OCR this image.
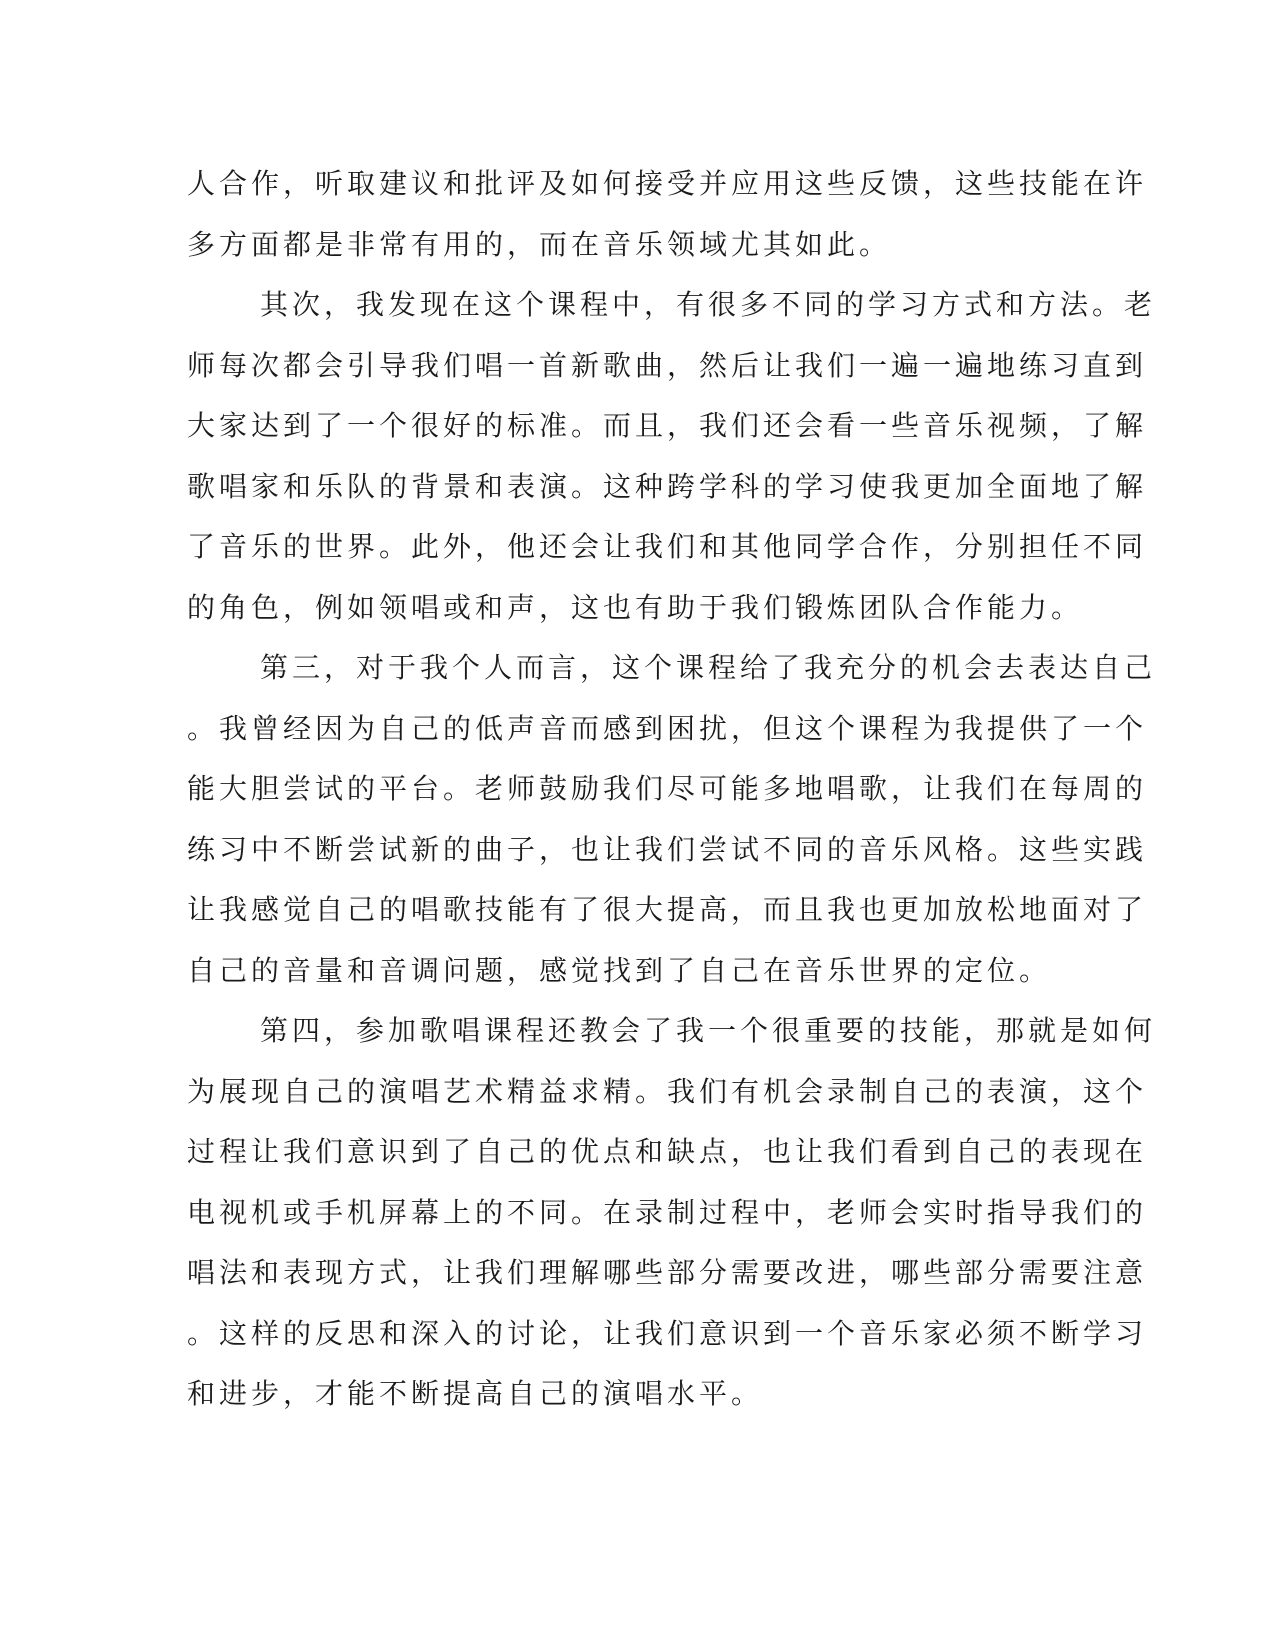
人合作，听取建议和批评及如何接受并应用这些反馈，这些技能在许
多方面都是非常有用的，而在音乐领域尤其如此。
其次，我发现在这个课程中，有很多不同的学习方式和方法。老
师每次都会引导我们唱一首新歌曲，然后让我们一遍一遍地练习直到
大家达到了一个很好的标准。而且，我们还会看一些音乐视频，了解
歌唱家和乐队的背景和表演。这种跨学科的学习使我更加全面地了解
了音乐的世界。此外，他还会让我们和其他同学合作，分别担任不同
的角色，例如领唱或和声，这也有助于我们锻炼团队合作能力。
第三，对于我个人而言，这个课程给了我充分的机会去表达自己
。我曾经因为自己的低声音而感到困扰，但这个课程为我提供了一个
能大胆尝试的平台。老师鼓励我们尽可能多地唱歌，让我们在每周的
练习中不断尝试新的曲子，也让我们尝试不同的音乐风格。这些实践
让我感觉自己的唱歌技能有了很大提高，而且我也更加放松地面对了
自己的音量和音调问题，感觉找到了自己在音乐世界的定位。
第四，参加歌唱课程还教会了我一个很重要的技能，那就是如何
为展现自己的演唱艺术精益求精。我们有机会录制自己的表演，这个
过程让我们意识到了自己的优点和缺点，也让我们看到自己的表现在
电视机或手机屏幕上的不同。在录制过程中，老师会实时指导我们的
唱法和表现方式，让我们理解哪些部分需要改进，哪些部分需要注意
。这样的反思和深入的讨论，让我们意识到一个音乐家必须不断学习
和进步，才能不断提高自己的演唱水平。
